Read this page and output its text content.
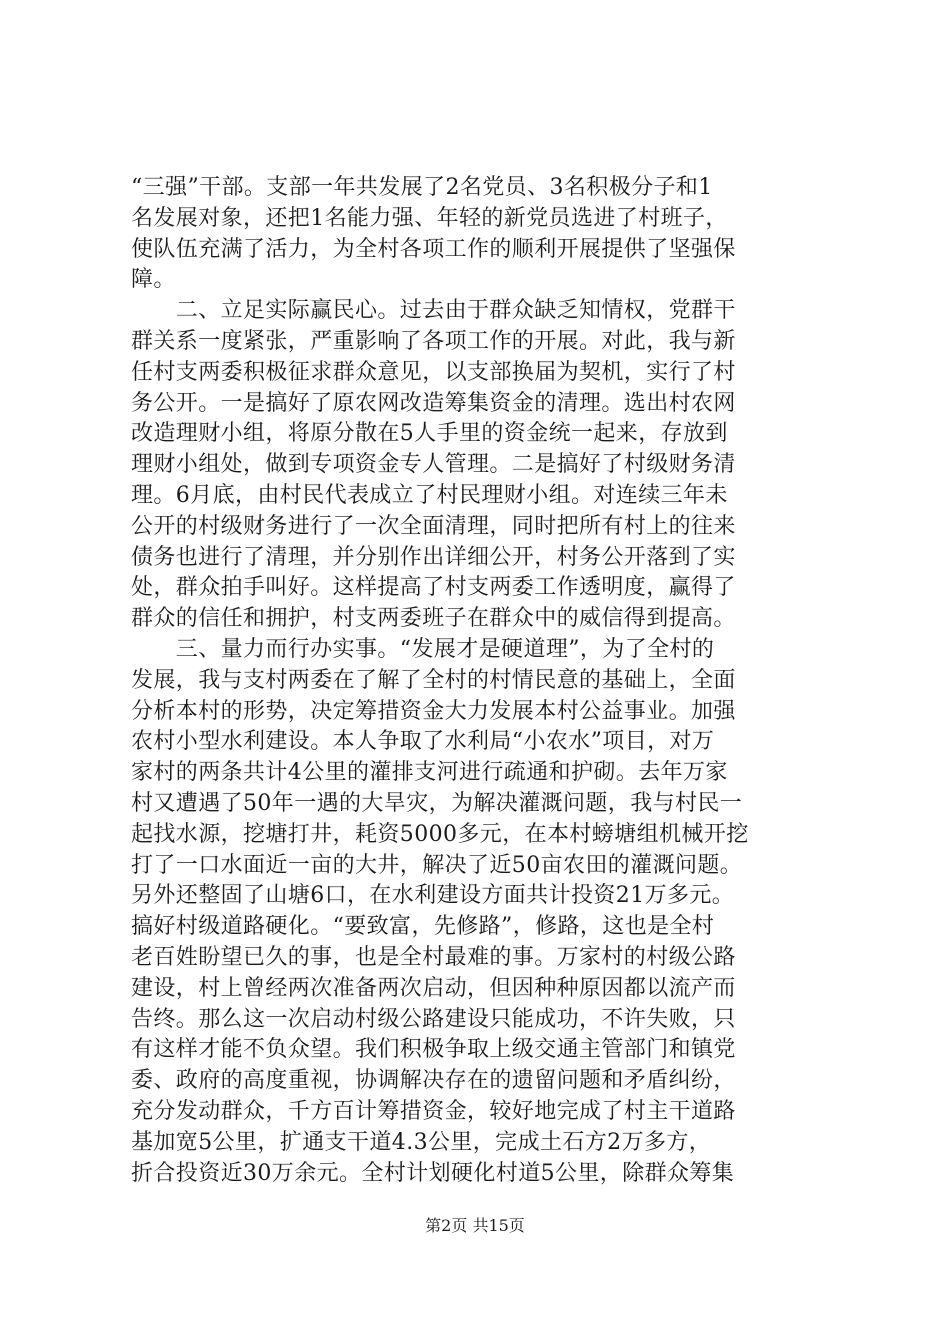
“三强”干部。支部一年共发展了2名党员、3名积极分子和1
名发展对象，还把1名能力强、年轻的新党员选进了村班子，
使队伍充满了活力，为全村各项工作的顺利开展提供了坚强保
障。
　　二、立足实际赢民心。过去由于群众缺乏知情权，党群干
群关系一度紧张，严重影响了各项工作的开展。对此，我与新
任村支两委积极征求群众意见，以支部换届为契机，实行了村
务公开。一是搞好了原农网改造筹集资金的清理。选出村农网
改造理财小组，将原分散在5人手里的资金统一起来，存放到
理财小组处，做到专项资金专人管理。二是搞好了村级财务清
理。6月底，由村民代表成立了村民理财小组。对连续三年未
公开的村级财务进行了一次全面清理，同时把所有村上的往来
债务也进行了清理，并分别作出详细公开，村务公开落到了实
处，群众拍手叫好。这样提高了村支两委工作透明度，赢得了
群众的信任和拥护，村支两委班子在群众中的威信得到提高。
　　三、量力而行办实事。“发展才是硬道理”，为了全村的
发展，我与支村两委在了解了全村的村情民意的基础上，全面
分析本村的形势，决定筹措资金大力发展本村公益事业。加强
农村小型水利建设。本人争取了水利局“小农水”项目，对万
家村的两条共计4公里的灌排支河进行疏通和护砌。去年万家
村又遭遇了50年一遇的大旱灾，为解决灌溉问题，我与村民一
起找水源，挖塘打井，耗资5000多元，在本村螃塘组机械开挖
打了一口水面近一亩的大井，解决了近50亩农田的灌溉问题。
另外还整固了山塘6口，在水利建设方面共计投资21万多元。
搞好村级道路硬化。“要致富，先修路”，修路，这也是全村
老百姓盼望已久的事，也是全村最难的事。万家村的村级公路
建设，村上曾经两次准备两次启动，但因种种原因都以流产而
告终。那么这一次启动村级公路建设只能成功，不许失败，只
有这样才能不负众望。我们积极争取上级交通主管部门和镇党
委、政府的高度重视，协调解决存在的遗留问题和矛盾纠纷，
充分发动群众，千方百计筹措资金，较好地完成了村主干道路
基加宽5公里，扩通支干道4.3公里，完成土石方2万多方，
折合投资近30万余元。全村计划硬化村道5公里，除群众筹集
第2页 共15页
